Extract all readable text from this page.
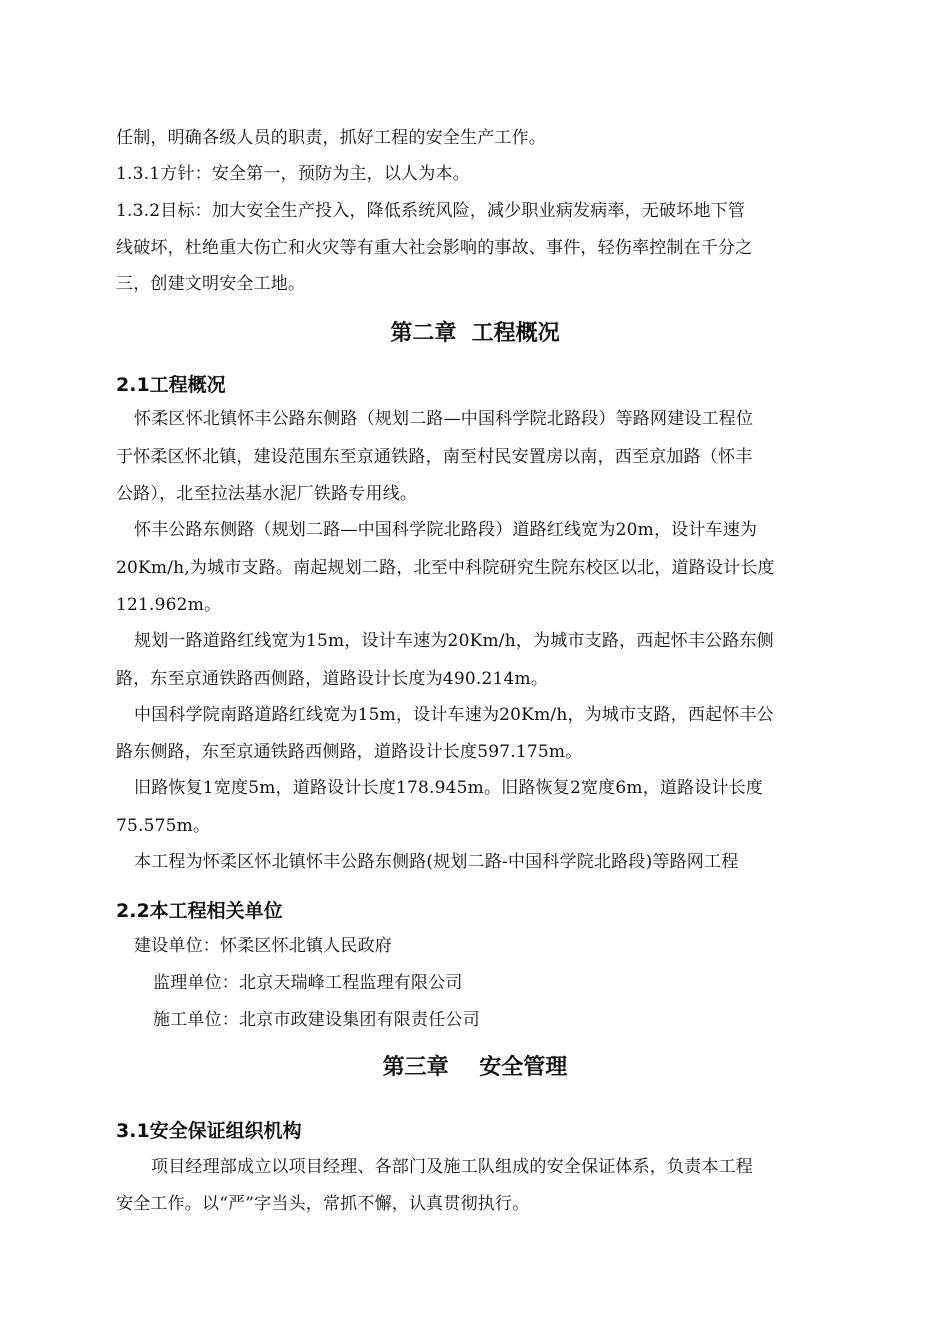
任制，明确各级人员的职责，抓好工程的安全生产工作。
1.3.1方针：安全第一，预防为主，以人为本。
1.3.2目标：加大安全生产投入，降低系统风险，减少职业病发病率，无破坏地下管
线破坏，杜绝重大伤亡和火灾等有重大社会影响的事故、事件，轻伤率控制在千分之
三，创建文明安全工地。
第二章  工程概况
2.1工程概况
怀柔区怀北镇怀丰公路东侧路（规划二路—中国科学院北路段）等路网建设工程位
于怀柔区怀北镇，建设范围东至京通铁路，南至村民安置房以南，西至京加路（怀丰
公路），北至拉法基水泥厂铁路专用线。
怀丰公路东侧路（规划二路—中国科学院北路段）道路红线宽为20m，设计车速为
20Km/h,为城市支路。南起规划二路，北至中科院研究生院东校区以北，道路设计长度
121.962m。
规划一路道路红线宽为15m，设计车速为20Km/h，为城市支路，西起怀丰公路东侧
路，东至京通铁路西侧路，道路设计长度为490.214m。
中国科学院南路道路红线宽为15m，设计车速为20Km/h，为城市支路，西起怀丰公
路东侧路，东至京通铁路西侧路，道路设计长度597.175m。
旧路恢复1宽度5m，道路设计长度178.945m。旧路恢复2宽度6m，道路设计长度
75.575m。
本工程为怀柔区怀北镇怀丰公路东侧路(规划二路-中国科学院北路段)等路网工程
2.2本工程相关单位
建设单位：怀柔区怀北镇人民政府
监理单位：北京天瑞峰工程监理有限公司
施工单位：北京市政建设集团有限责任公司
第三章    安全管理
3.1安全保证组织机构
项目经理部成立以项目经理、各部门及施工队组成的安全保证体系，负责本工程
安全工作。以“严”字当头，常抓不懈，认真贯彻执行。
